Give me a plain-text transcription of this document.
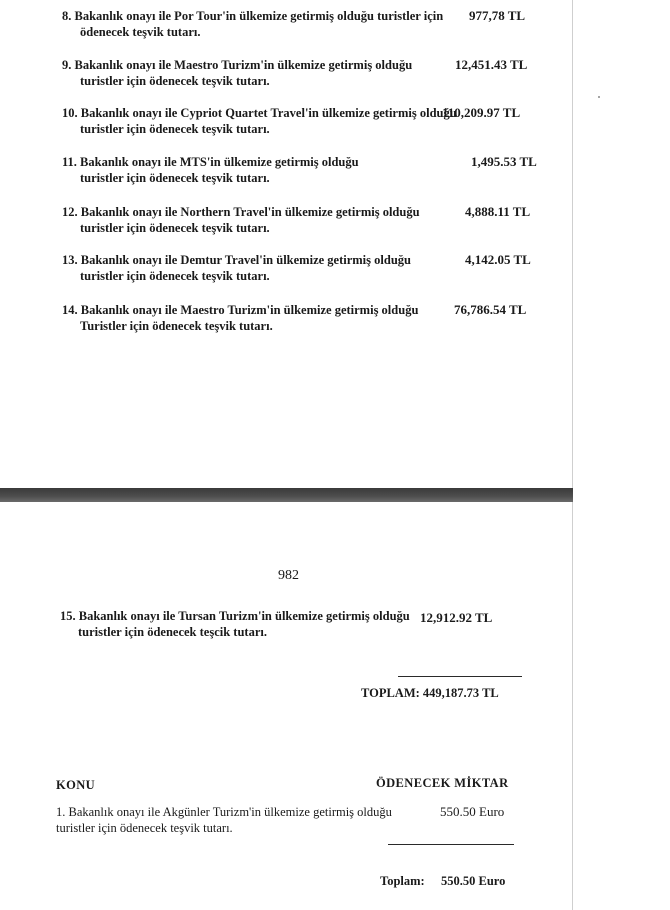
8. Bakanlık onayı ile Por Tour'in ülkemize getirmiş olduğu turistler için
ödenecek teşvik tutarı.
977,78 TL
9. Bakanlık onayı ile Maestro Turizm'in ülkemize getirmiş olduğu
turistler için ödenecek teşvik tutarı.
12,451.43 TL
10. Bakanlık onayı ile Cypriot Quartet Travel'in ülkemize getirmiş olduğu
turistler için ödenecek teşvik tutarı.
110,209.97 TL
11. Bakanlık onayı ile MTS'in ülkemize getirmiş olduğu
turistler için ödenecek teşvik tutarı.
1,495.53 TL
12. Bakanlık onayı ile Northern Travel'in ülkemize getirmiş olduğu
turistler için ödenecek teşvik tutarı.
4,888.11 TL
13. Bakanlık onayı ile Demtur Travel'in ülkemize getirmiş olduğu
turistler için ödenecek teşvik tutarı.
4,142.05 TL
14. Bakanlık onayı ile Maestro Turizm'in ülkemize getirmiş olduğu
Turistler için ödenecek teşvik tutarı.
76,786.54 TL
982
15. Bakanlık onayı ile Tursan Turizm'in ülkemize getirmiş olduğu
turistler için ödenecek teşcik tutarı.
12,912.92 TL
TOPLAM: 449,187.73 TL
KONU	ÖDENECEK MİKTAR
1. Bakanlık onayı ile Akgünler Turizm'in ülkemize getirmiş olduğu
turistler için ödenecek teşvik tutarı.
550.50 Euro
Toplam: 550.50 Euro
